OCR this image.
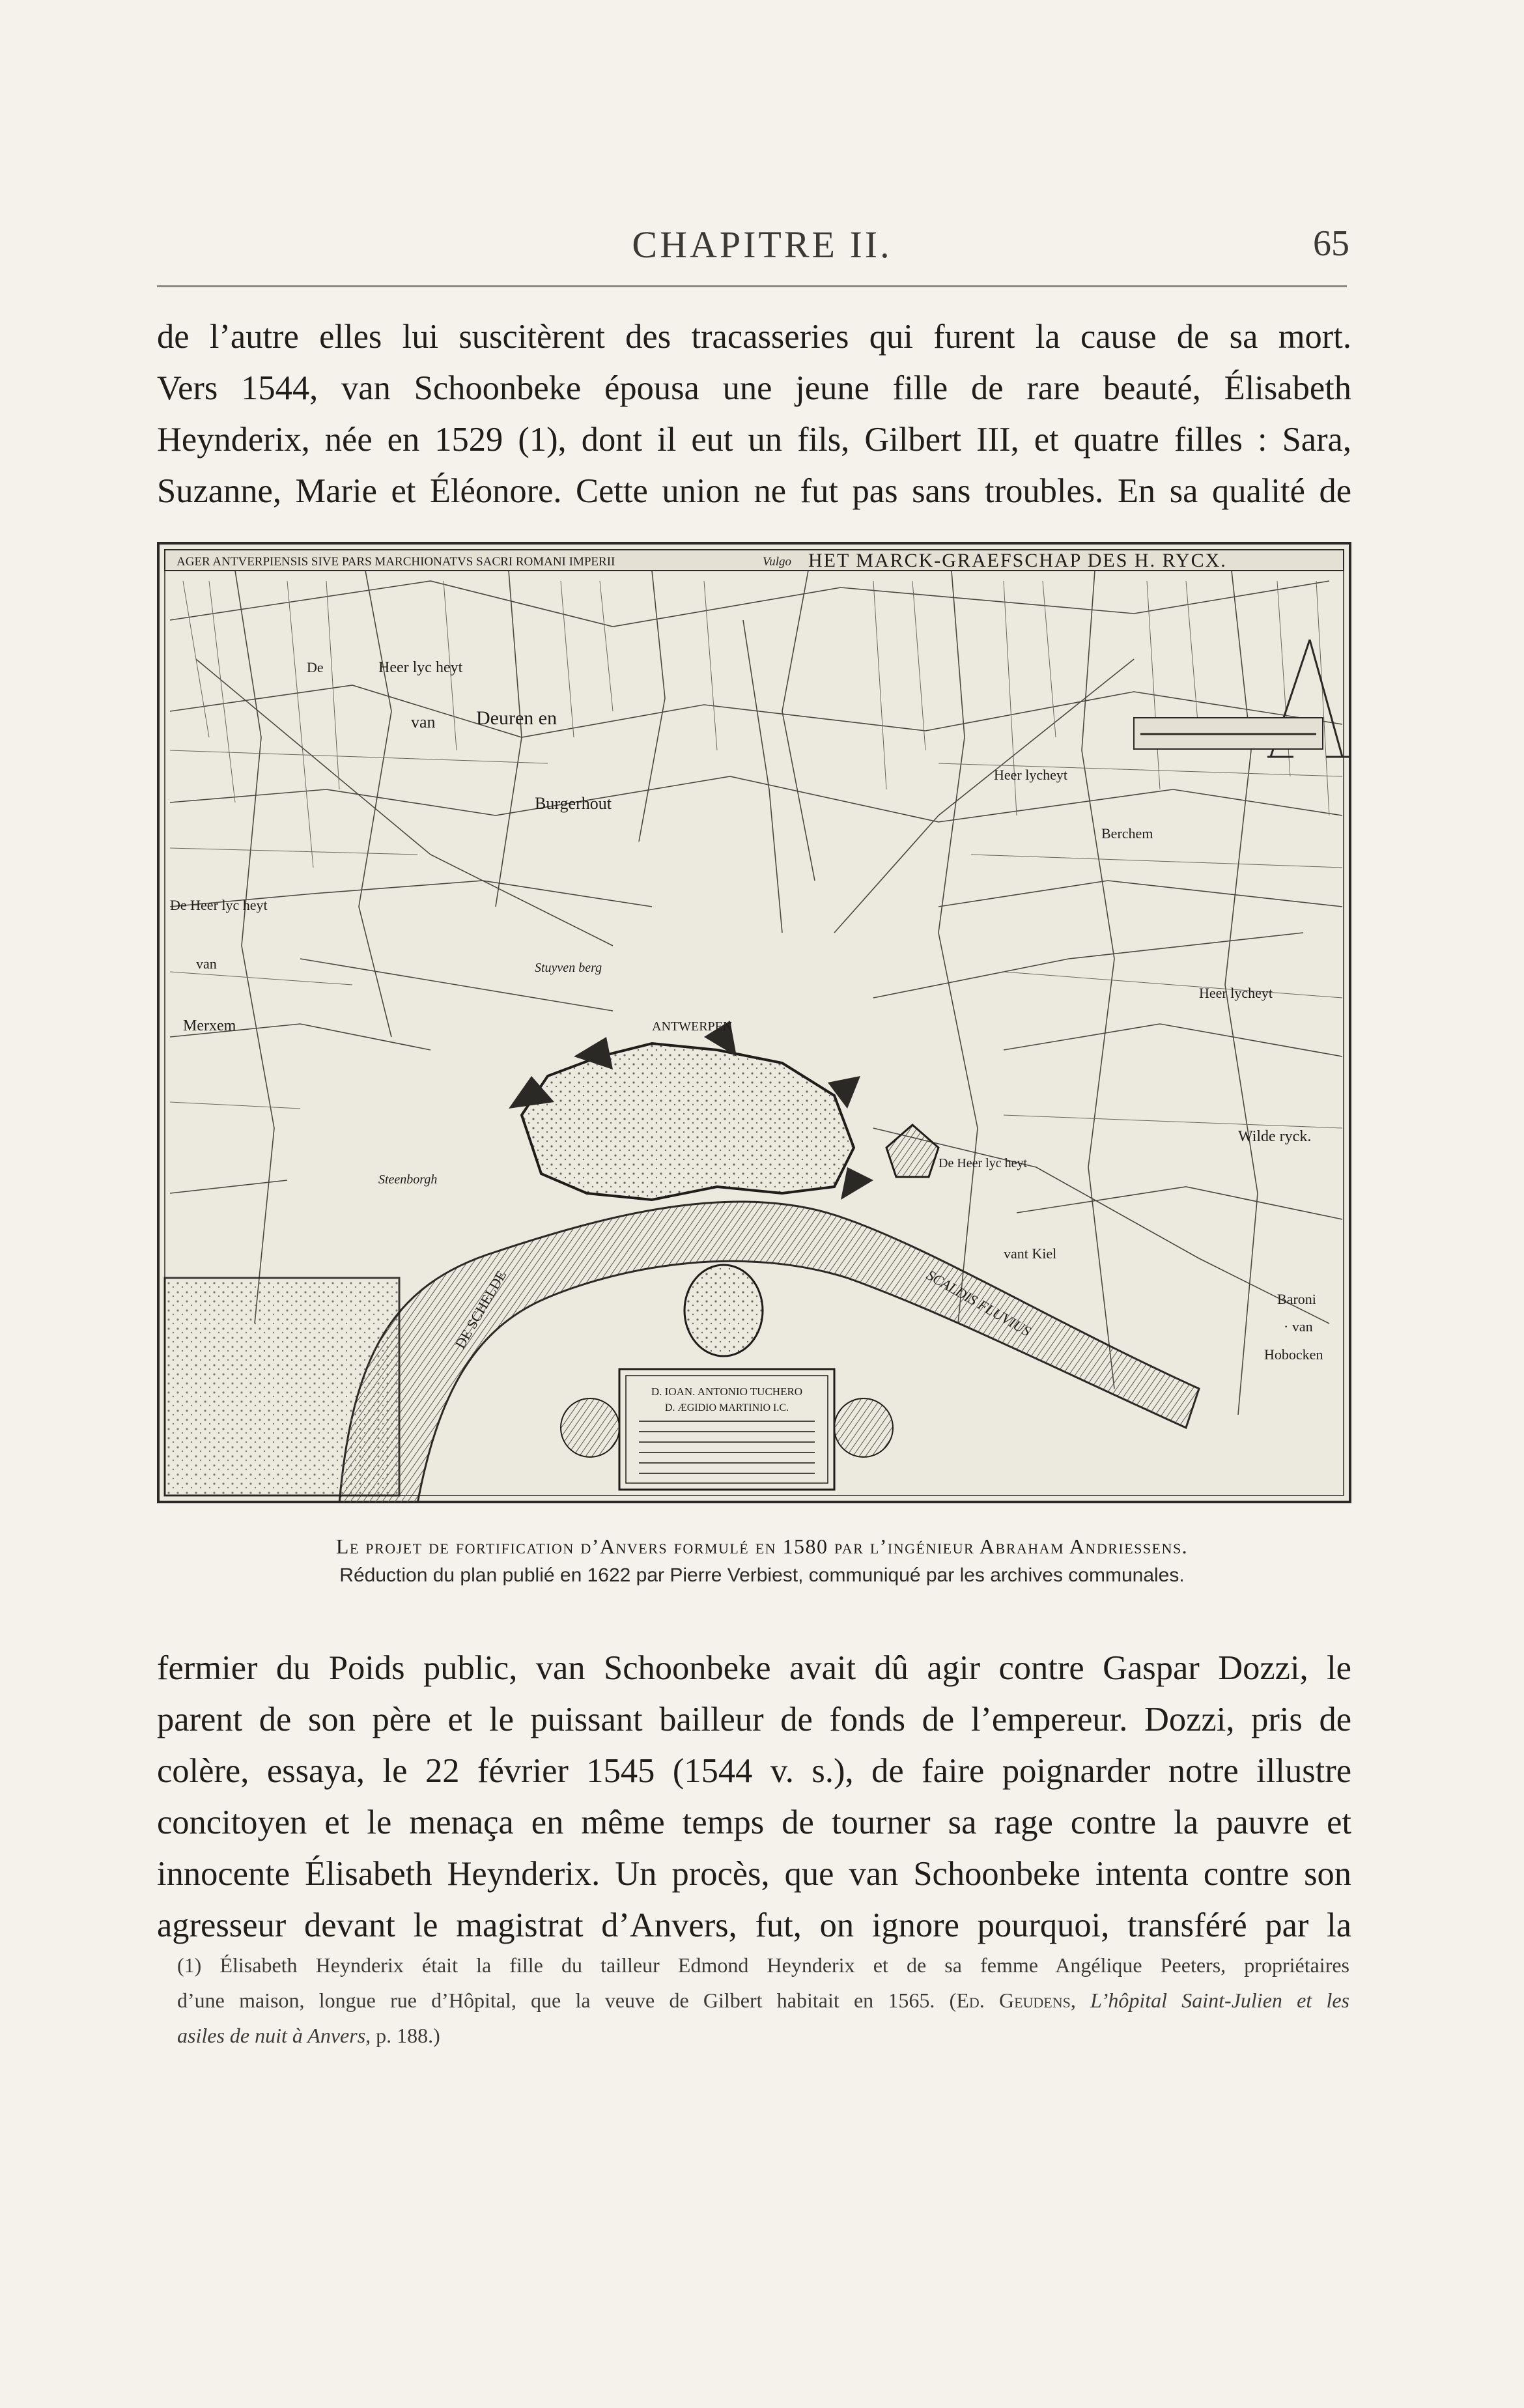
CHAPITRE II.	65
de l’autre elles lui suscitèrent des tracasseries qui furent la cause de sa mort.
Vers 1544, van Schoonbeke épousa une jeune fille de rare beauté, Élisabeth
Heynderix, née en 1529 (1), dont il eut un fils, Gilbert III, et quatre filles : Sara,
Suzanne, Marie et Éléonore. Cette union ne fut pas sans troubles. En sa qualité de
AGER ANTVERPIENSIS SIVE PARS MARCHIONATVS SACRI ROMANI IMPERII	Vulgo HET MARCK-GRAEFSCHAP DES H. RYCX.
DE SCHELDE	SCALDIS FLUVIUS
D. IOAN. ANTONIO TUCHERO
D. ÆGIDIO MARTINIO I.C.
De	Heer lyc heyt
van Deuren en
Burgerhout
Heer lycheyt
Berchem
ANTWERPEN
Merxem
van
De Heer lyc heyt
Stuyven berg
De Heer lyc heyt
vant Kiel
Steenborgh
Wilde ryck.
Heer lycheyt
Baroni
· van
Hobocken
Le projet de fortification d’Anvers formulé en 1580 par l’ingénieur Abraham Andriessens.
Réduction du plan publié en 1622 par Pierre Verbiest, communiqué par les archives communales.
fermier du Poids public, van Schoonbeke avait dû agir contre Gaspar Dozzi, le
parent de son père et le puissant bailleur de fonds de l’empereur. Dozzi, pris de
colère, essaya, le 22 février 1545 (1544 v. s.), de faire poignarder notre illustre
concitoyen et le menaça en même temps de tourner sa rage contre la pauvre et
innocente Élisabeth Heynderix. Un procès, que van Schoonbeke intenta contre son
agresseur devant le magistrat d’Anvers, fut, on ignore pourquoi, transféré par la
(1) Élisabeth Heynderix était la fille du tailleur Edmond Heynderix et de sa femme Angélique Peeters, propriétaires
d’une maison, longue rue d’Hôpital, que la veuve de Gilbert habitait en 1565. (Ed. Geudens, L’hôpital Saint-Julien et les
asiles de nuit à Anvers, p. 188.)
